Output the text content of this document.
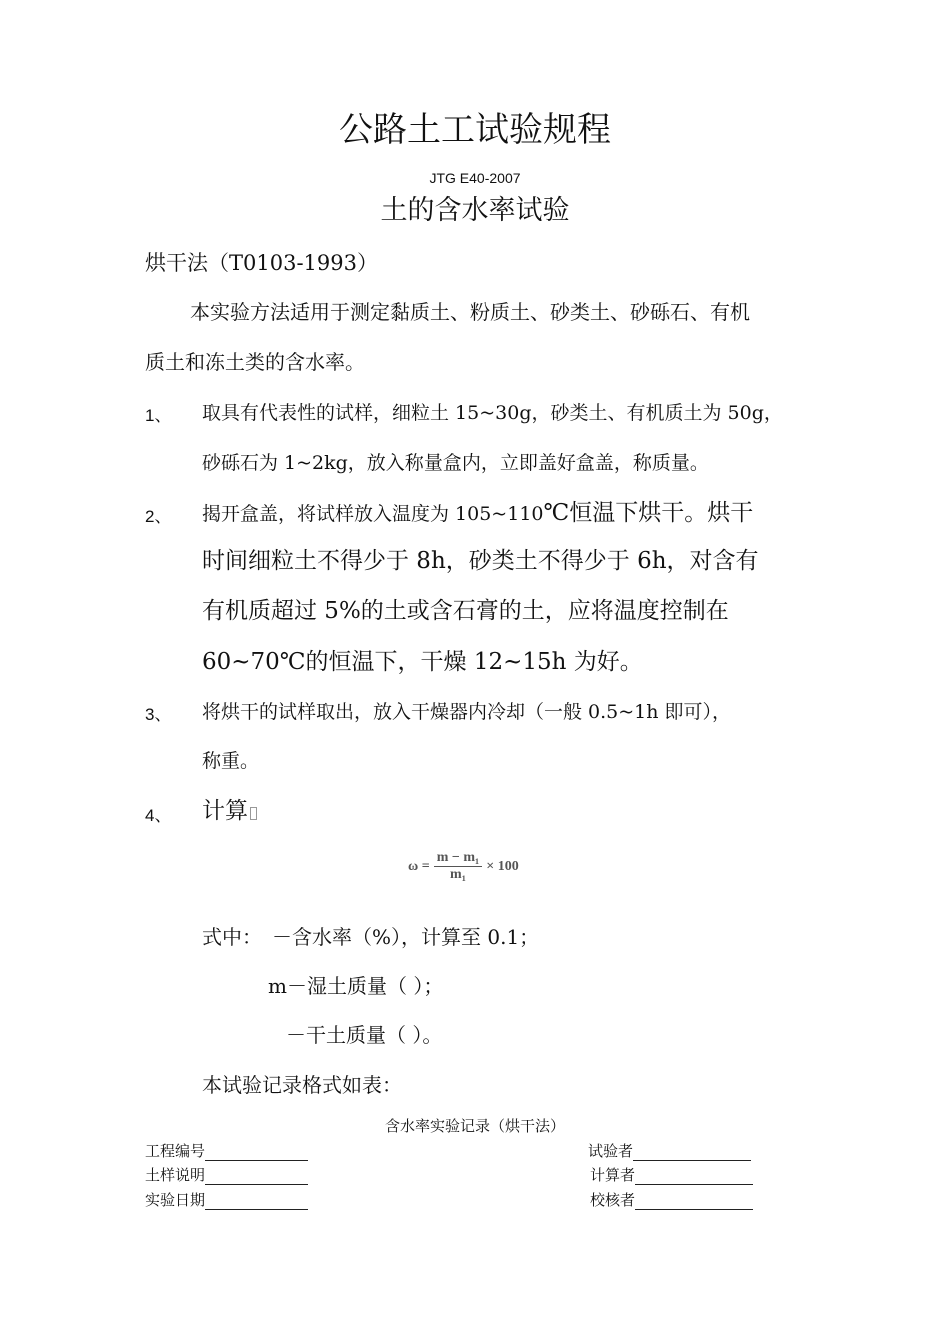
公路土工试验规程
JTG E40-2007
土的含水率试验
烘干法（T0103-1993）
本实验方法适用于测定黏质土、粉质土、砂类土、砂砾石、有机
质土和冻土类的含水率。
1、 取具有代表性的试样，细粒土 15~30g，砂类土、有机质土为 50g，
砂砾石为 1~2kg，放入称量盒内，立即盖好盒盖，称质量。
2、 揭开盒盖，将试样放入温度为 105~110℃恒温下烘干。烘干
时间细粒土不得少于 8h，砂类土不得少于 6h，对含有
有机质超过 5%的土或含石膏的土，应将温度控制在
60~70℃的恒温下，干燥 12~15h 为好。
3、 将烘干的试样取出，放入干燥器内冷却（一般 0.5~1h 即可），
称重。
4、 计算
$\omega = \frac{\text{m − m₁}}{\text{m₁}} \times 100$
式中：　－含水率（%），计算至 0.1；
m－湿土质量（ ）；
－干土质量（ ）。
本试验记录格式如表：
含水率实验记录（烘干法）
工程编号
土样说明
实验日期
试验者
计算者
校核者
